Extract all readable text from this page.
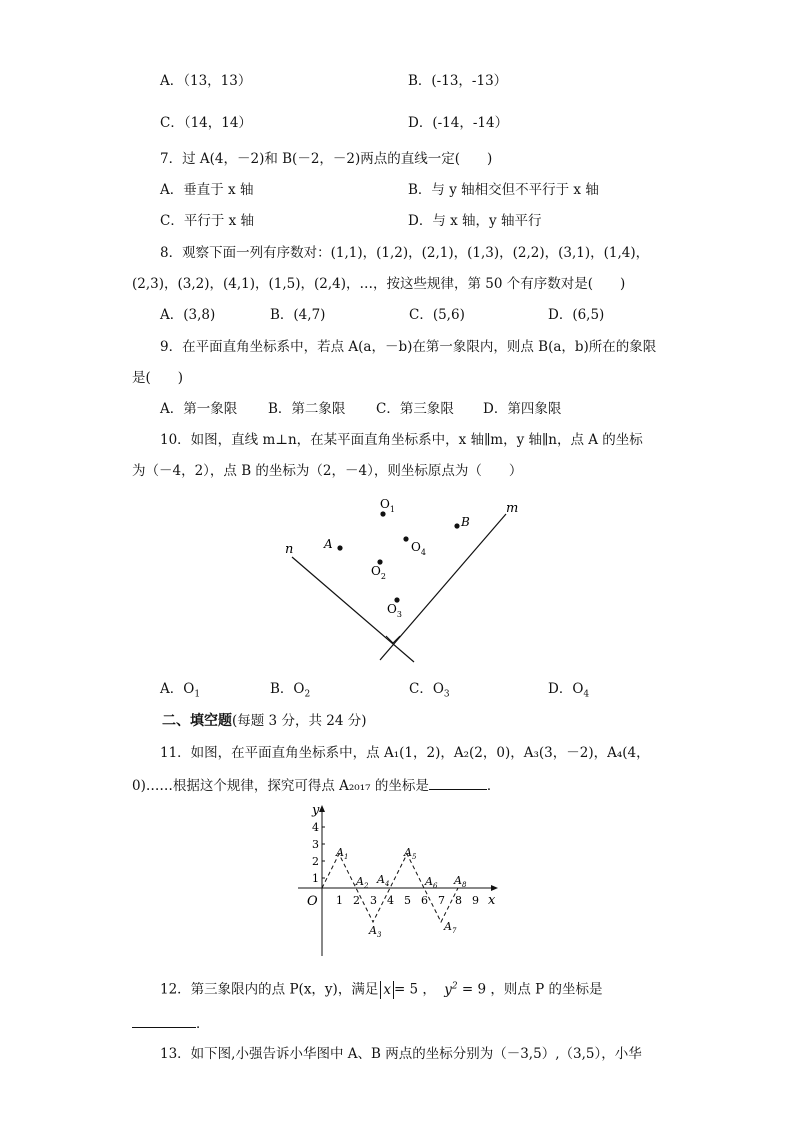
A．（13，13）	B．(-13，-13）
C．（14，14）	D．(-14，-14）
7．过 A(4，－2)和 B(－2，－2)两点的直线一定(　　)
A．垂直于 x 轴	B．与 y 轴相交但不平行于 x 轴
C．平行于 x 轴	D．与 x 轴，y 轴平行
8．观察下面一列有序数对：(1,1)，(1,2)，(2,1)，(1,3)，(2,2)，(3,1)，(1,4)，
(2,3)，(3,2)，(4,1)，(1,5)，(2,4)，…，按这些规律，第 50 个有序数对是(　　)
A．(3,8)	B．(4,7)	C．(5,6)	D．(6,5)
9．在平面直角坐标系中，若点 A(a，－b)在第一象限内，则点 B(a，b)所在的象限
是(　　)
A．第一象限 B．第二象限 C．第三象限 D．第四象限
10．如图，直线 m⊥n，在某平面直角坐标系中，x 轴∥m，y 轴∥n，点 A 的坐标
为（－4，2），点 B 的坐标为（2，－4），则坐标原点为（　　）
m
n
$O_1$
A
B
$O_4$
$O_2$
$O_3$
A．$O_1$	B．$O_2$	C．$O_3$	D．$O_4$
二、填空题(每题 3 分，共 24 分)
11．如图，在平面直角坐标系中，点 A₁(1，2)，A₂(2，0)，A₃(3，－2)，A₄(4，
0)……根据这个规律，探究可得点 A₂₀₁₇ 的坐标是	．
y
x
O
1
2
3
4
1 2 3 4 5 6 7 8 9
$A_1$
$A_2$
$A_3$
$A_4$
$A_5$
$A_6$
$A_7$
$A_8$
12．第三象限内的点 P(x，y)，满足 x = 5 ， $y^2 = 9$ ，则点 P 的坐标是
．
13．如下图,小强告诉小华图中 A、B 两点的坐标分别为（－3,5）,（3,5），小华
